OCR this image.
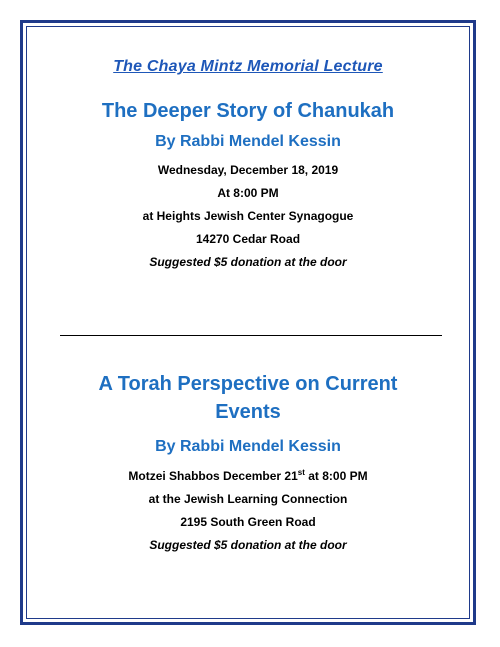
The Chaya Mintz Memorial Lecture
The Deeper Story of Chanukah
By Rabbi Mendel Kessin
Wednesday, December 18, 2019
At 8:00 PM
at Heights Jewish Center Synagogue
14270 Cedar Road
Suggested $5 donation at the door
A Torah Perspective on Current Events
By Rabbi Mendel Kessin
Motzei Shabbos December 21st at 8:00 PM
at the Jewish Learning Connection
2195 South Green Road
Suggested $5 donation at the door
